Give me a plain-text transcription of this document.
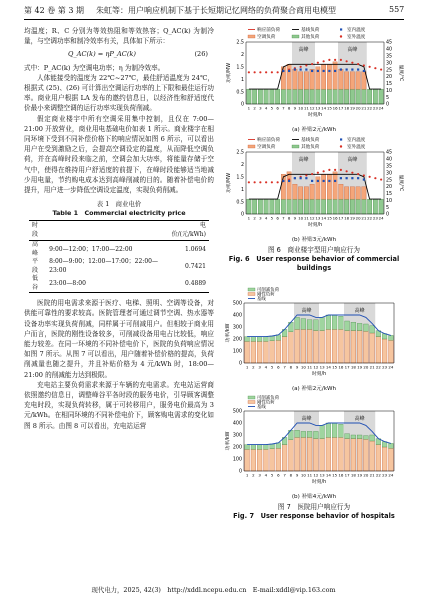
第 42 卷 第 3 期 朱虹等：用户响应机制下基于长短期记忆网络的负荷聚合商用电模型	557

均温度；R、C 分别为等效热阻和等效热容；Q_AC(k) 为制冷量，与空调功率和制冷效率有关，具体如下所示：

Q_AC(k) = ηP_AC(k)	(26)

式中：P_AC(k) 为空调电功率；η 为制冷效率。

人体能接受的温度为 22℃~27℃，最佳舒适温度为 24℃，根据式 (25)、(26) 可计算出空调运行功率的上下限和最佳运行功率。商业用户根据 LA 发布的邀约信息日，以经济性和舒适度代价最小来调整空调的运行功率实现负荷削减。

假定商业楼宇中所有空调采用集中控制，且仅在 7:00—21:00 开放营业，商业用电基础电价如表 1 所示。商业楼宇在相同环境下受到不同补偿价格下的响应情况如图 6 所示，可以看出用户在受到激励之后，会提高空调设定的温度，从而降低空调负荷，并在高峰时段来临之前，空调会加大功率，将能量存储于空气中，使得在维持用户舒适度的前提下，在峰时段能够适当地减少用电量，节约购电成本达到高峰削减的目的。随着补偿电价的提升，用户进一步降低空调设定温度，实现负荷削减。

表 1　商业电价
Table 1　Commercial electricity price
时段		电价/(元/kWh)
高峰	9:00—12:00；17:00—22:00	1.0694
平段	8:00—9:00；12:00—17:00；22:00—23:00	0.7421
低谷	23:00—8:00	0.4889

医院的用电需求来源于医疗、电梯、照明、空调等设备，对供能可靠性的要求较高。医院管理者可通过调节空调、热水器等设备功率实现负荷削减，同样属于可削减用户。但相较于商业用户而言，医院的刚性设备较多，可削减设备用电占比较低，响应能力较差。在同一环境的不同补偿电价下，医院的负荷响应情况如图 7 所示。从图 7 可以看出，用户随着补偿价格的提高，负荷削减量也随之提升，并且补贴价格为 4 元/kWh 时，18:00—21:00 的削减能力达到极限。

充电站主要负荷需求来源于车辆的充电需求。充电站运营商依照邀约信息日，调整峰谷平各时段的服务电价，引导顾客调整充电时段，实现负荷转移，属于可转移用户，服务电价最高为 3 元/kWh。在相同环境的不同补偿电价下，顾客购电需求的变化如图 8 所示。由图 8 可以看出，充电站运营

高峰	高峰
0
0.5
1
1.5
2
2.5
0
5
10
15
20
25
30
35
40
45
1 2 3 4 5 6 7 8 9 10 11 12 13 14 15 16 17 18 19 20 21 22 23 24
时刻/h
功率/MW	温度/℃
响应前负荷	基线负荷	室内温度
空调负荷	其他负荷	室外温度
(a) 补贴2元/kWh
高峰	高峰
0
0.5
1
1.5
2
2.5
0
5
10
15
20
25
30
35
40
45
1 2 3 4 5 6 7 8 9 10 11 12 13 14 15 16 17 18 19 20 21 22 23 24
时刻/h
功率/MW	温度/℃
响应前负荷	基线负荷	室内温度
空调负荷	其他负荷	室外温度
(b) 补贴3元/kWh
图 6　商业楼宇型用户响应行为
Fig. 6　User response behavior of commercial buildings
高峰	高峰
0
100
200
300
400
500
1 2 3 4 5 6 7 8 9 10 11 12 13 14 15 16 17 18 19 20 21 22 23 24
时刻/h
功率/kW
可削减负荷
刚性负荷
基线
(a) 补贴2元/kWh
高峰	高峰
0
100
200
300
400
500
1 2 3 4 5 6 7 8 9 10 11 12 13 14 15 16 17 18 19 20 21 22 23 24
时刻/h
功率/kW
可削减负荷
刚性负荷
基线
(b) 补贴4元/kWh
图 7　医院用户响应行为
Fig. 7　User response behavior of hospitals
现代电力，2025, 42(3)　http://xddl.ncepu.edu.cn　E-mail:xddl@vip.163.com
